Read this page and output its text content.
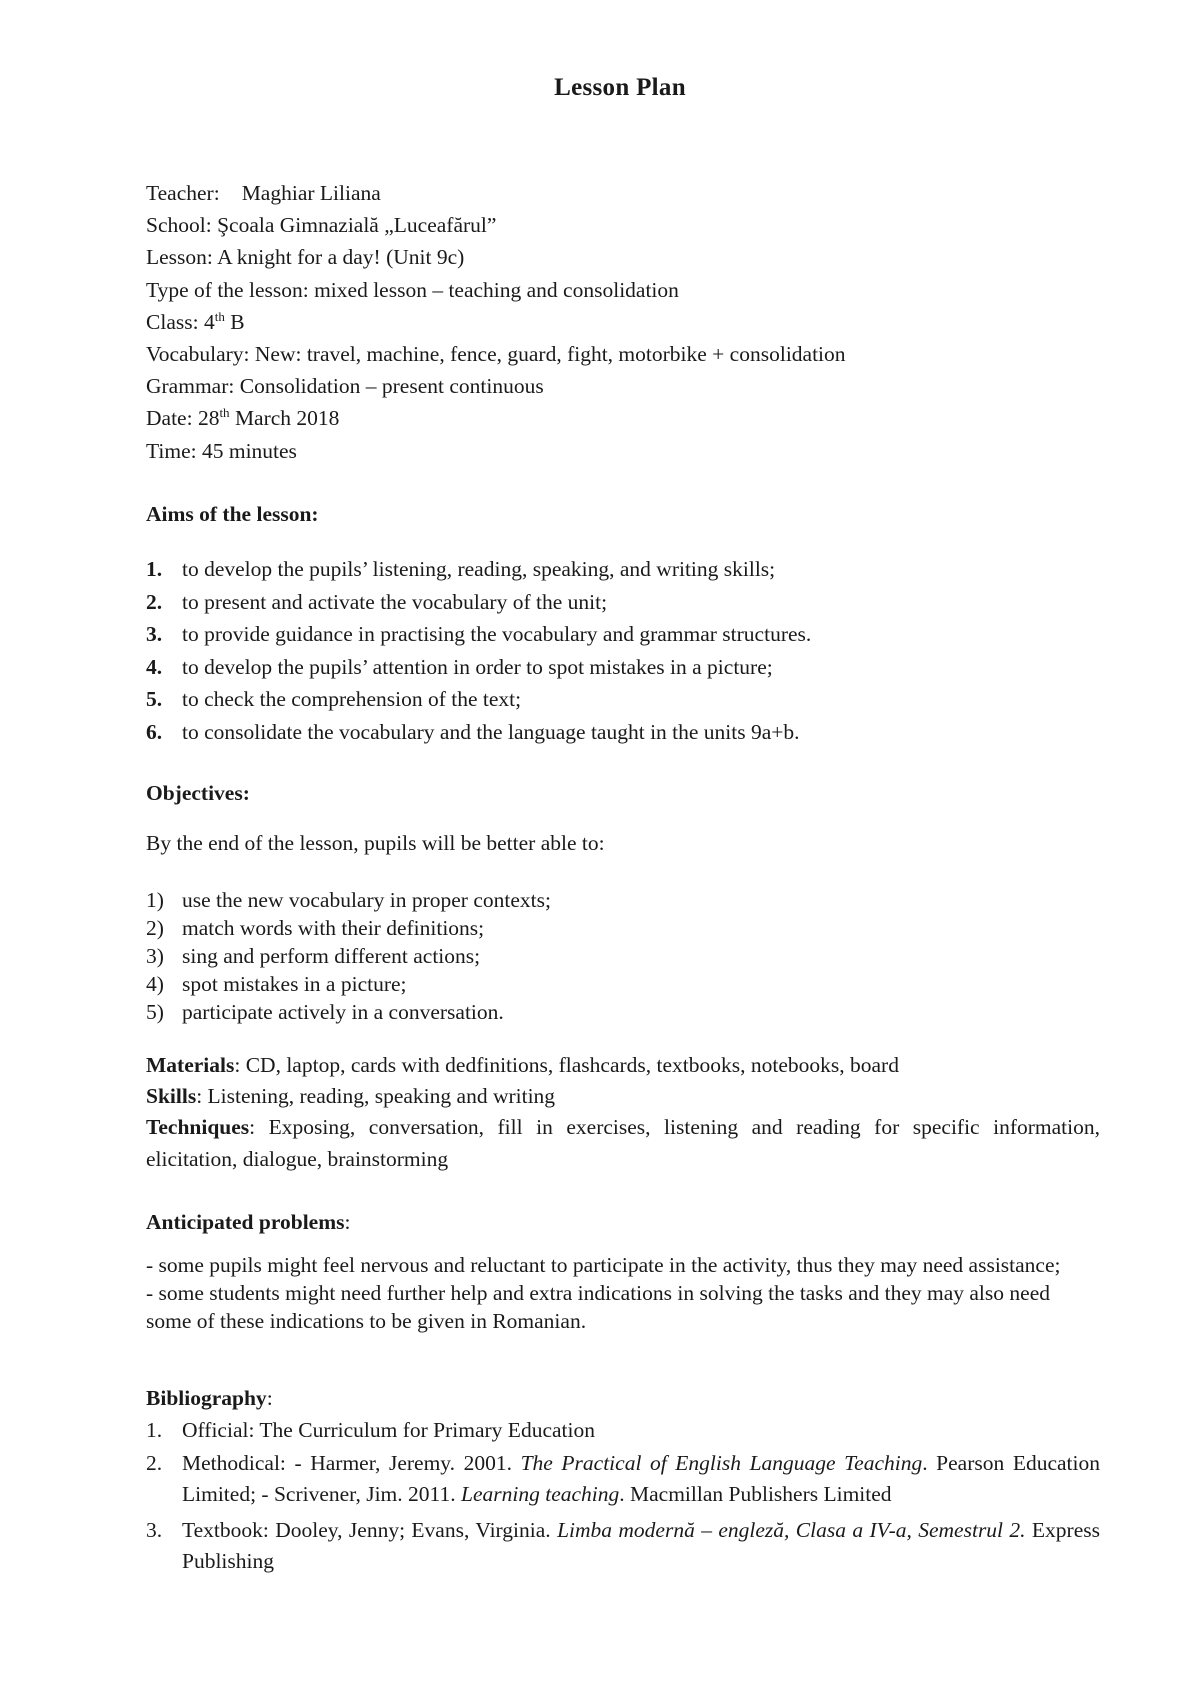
Lesson Plan
Teacher: Maghiar Liliana
School: Şcoala Gimnazială „Luceafărul”
Lesson: A knight for a day! (Unit 9c)
Type of the lesson: mixed lesson – teaching and consolidation
Class: 4th B
Vocabulary: New: travel, machine, fence, guard, fight, motorbike + consolidation
Grammar: Consolidation – present continuous
Date: 28th March 2018
Time: 45 minutes
Aims of the lesson:
1. to develop the pupils’ listening, reading, speaking, and writing skills;
2. to present and activate the vocabulary of the unit;
3. to provide guidance in practising the vocabulary and grammar structures.
4. to develop the pupils’ attention in order to spot mistakes in a picture;
5. to check the comprehension of the text;
6. to consolidate the vocabulary and the language taught in the units 9a+b.
Objectives:
By the end of the lesson, pupils will be better able to:
1) use the new vocabulary in proper contexts;
2) match words with their definitions;
3) sing and perform different actions;
4) spot mistakes in a picture;
5) participate actively in a conversation.
Materials: CD, laptop, cards with dedfinitions, flashcards, textbooks, notebooks, board
Skills: Listening, reading, speaking and writing
Techniques: Exposing, conversation, fill in exercises, listening and reading for specific information, elicitation, dialogue, brainstorming
Anticipated problems:
- some pupils might feel nervous and reluctant to participate in the activity, thus they may need assistance;
- some students might need further help and extra indications in solving the tasks and they may also need some of these indications to be given in Romanian.
Bibliography:
1. Official: The Curriculum for Primary Education
2. Methodical: - Harmer, Jeremy. 2001. The Practical of English Language Teaching. Pearson Education Limited; - Scrivener, Jim. 2011. Learning teaching. Macmillan Publishers Limited
3. Textbook: Dooley, Jenny; Evans, Virginia. Limba modernă – engleză, Clasa a IV-a, Semestrul 2. Express Publishing
